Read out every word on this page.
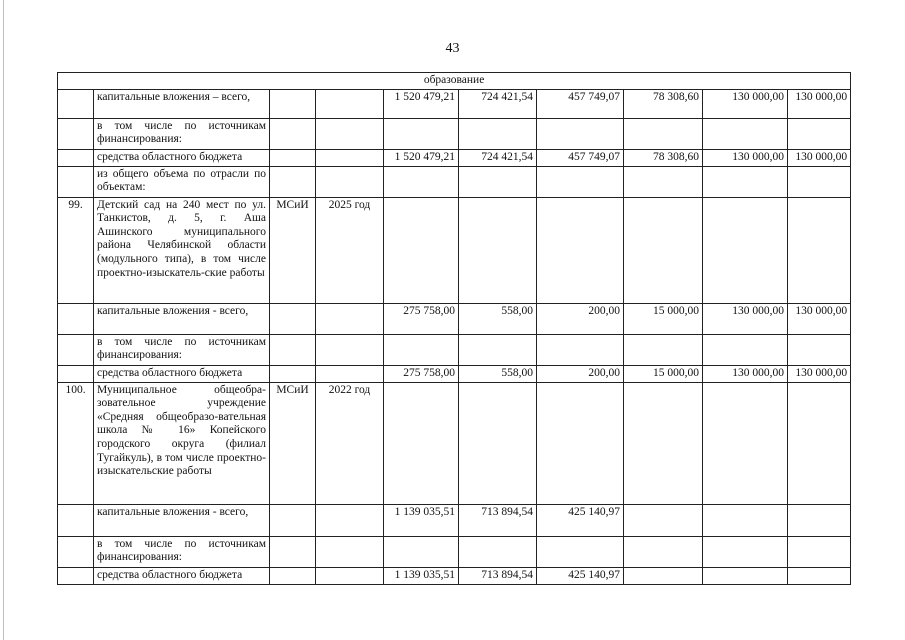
43
образование									
	капитальные вложения – всего,			1 520 479,21	724 421,54	457 749,07	78 308,60	130 000,00	130 000,00
	в том числе по источникам финансирования:								
	средства областного бюджета			1 520 479,21	724 421,54	457 749,07	78 308,60	130 000,00	130 000,00
	из общего объема по отрасли по объектам:								
99.	Детский сад на 240 мест по ул. Танкистов, д. 5, г. Аша Ашинского муниципального района Челябинской области (модульного типа), в том числе проектно-изыскатель-ские работы	МСиИ	2025 год						
	капитальные вложения - всего,			275 758,00	558,00	200,00	15 000,00	130 000,00	130 000,00
	в том числе по источникам финансирования:								
	средства областного бюджета			275 758,00	558,00	200,00	15 000,00	130 000,00	130 000,00
100.	Муниципальное общеобра-зовательное учреждение «Средняя общеобразо-вательная школа № 16» Копейского городского округа (филиал Тугайкуль), в том числе проектно-изыскательские работы	МСиИ	2022 год						
	капитальные вложения - всего,			1 139 035,51	713 894,54	425 140,97			
	в том числе по источникам финансирования:								
	средства областного бюджета			1 139 035,51	713 894,54	425 140,97			
